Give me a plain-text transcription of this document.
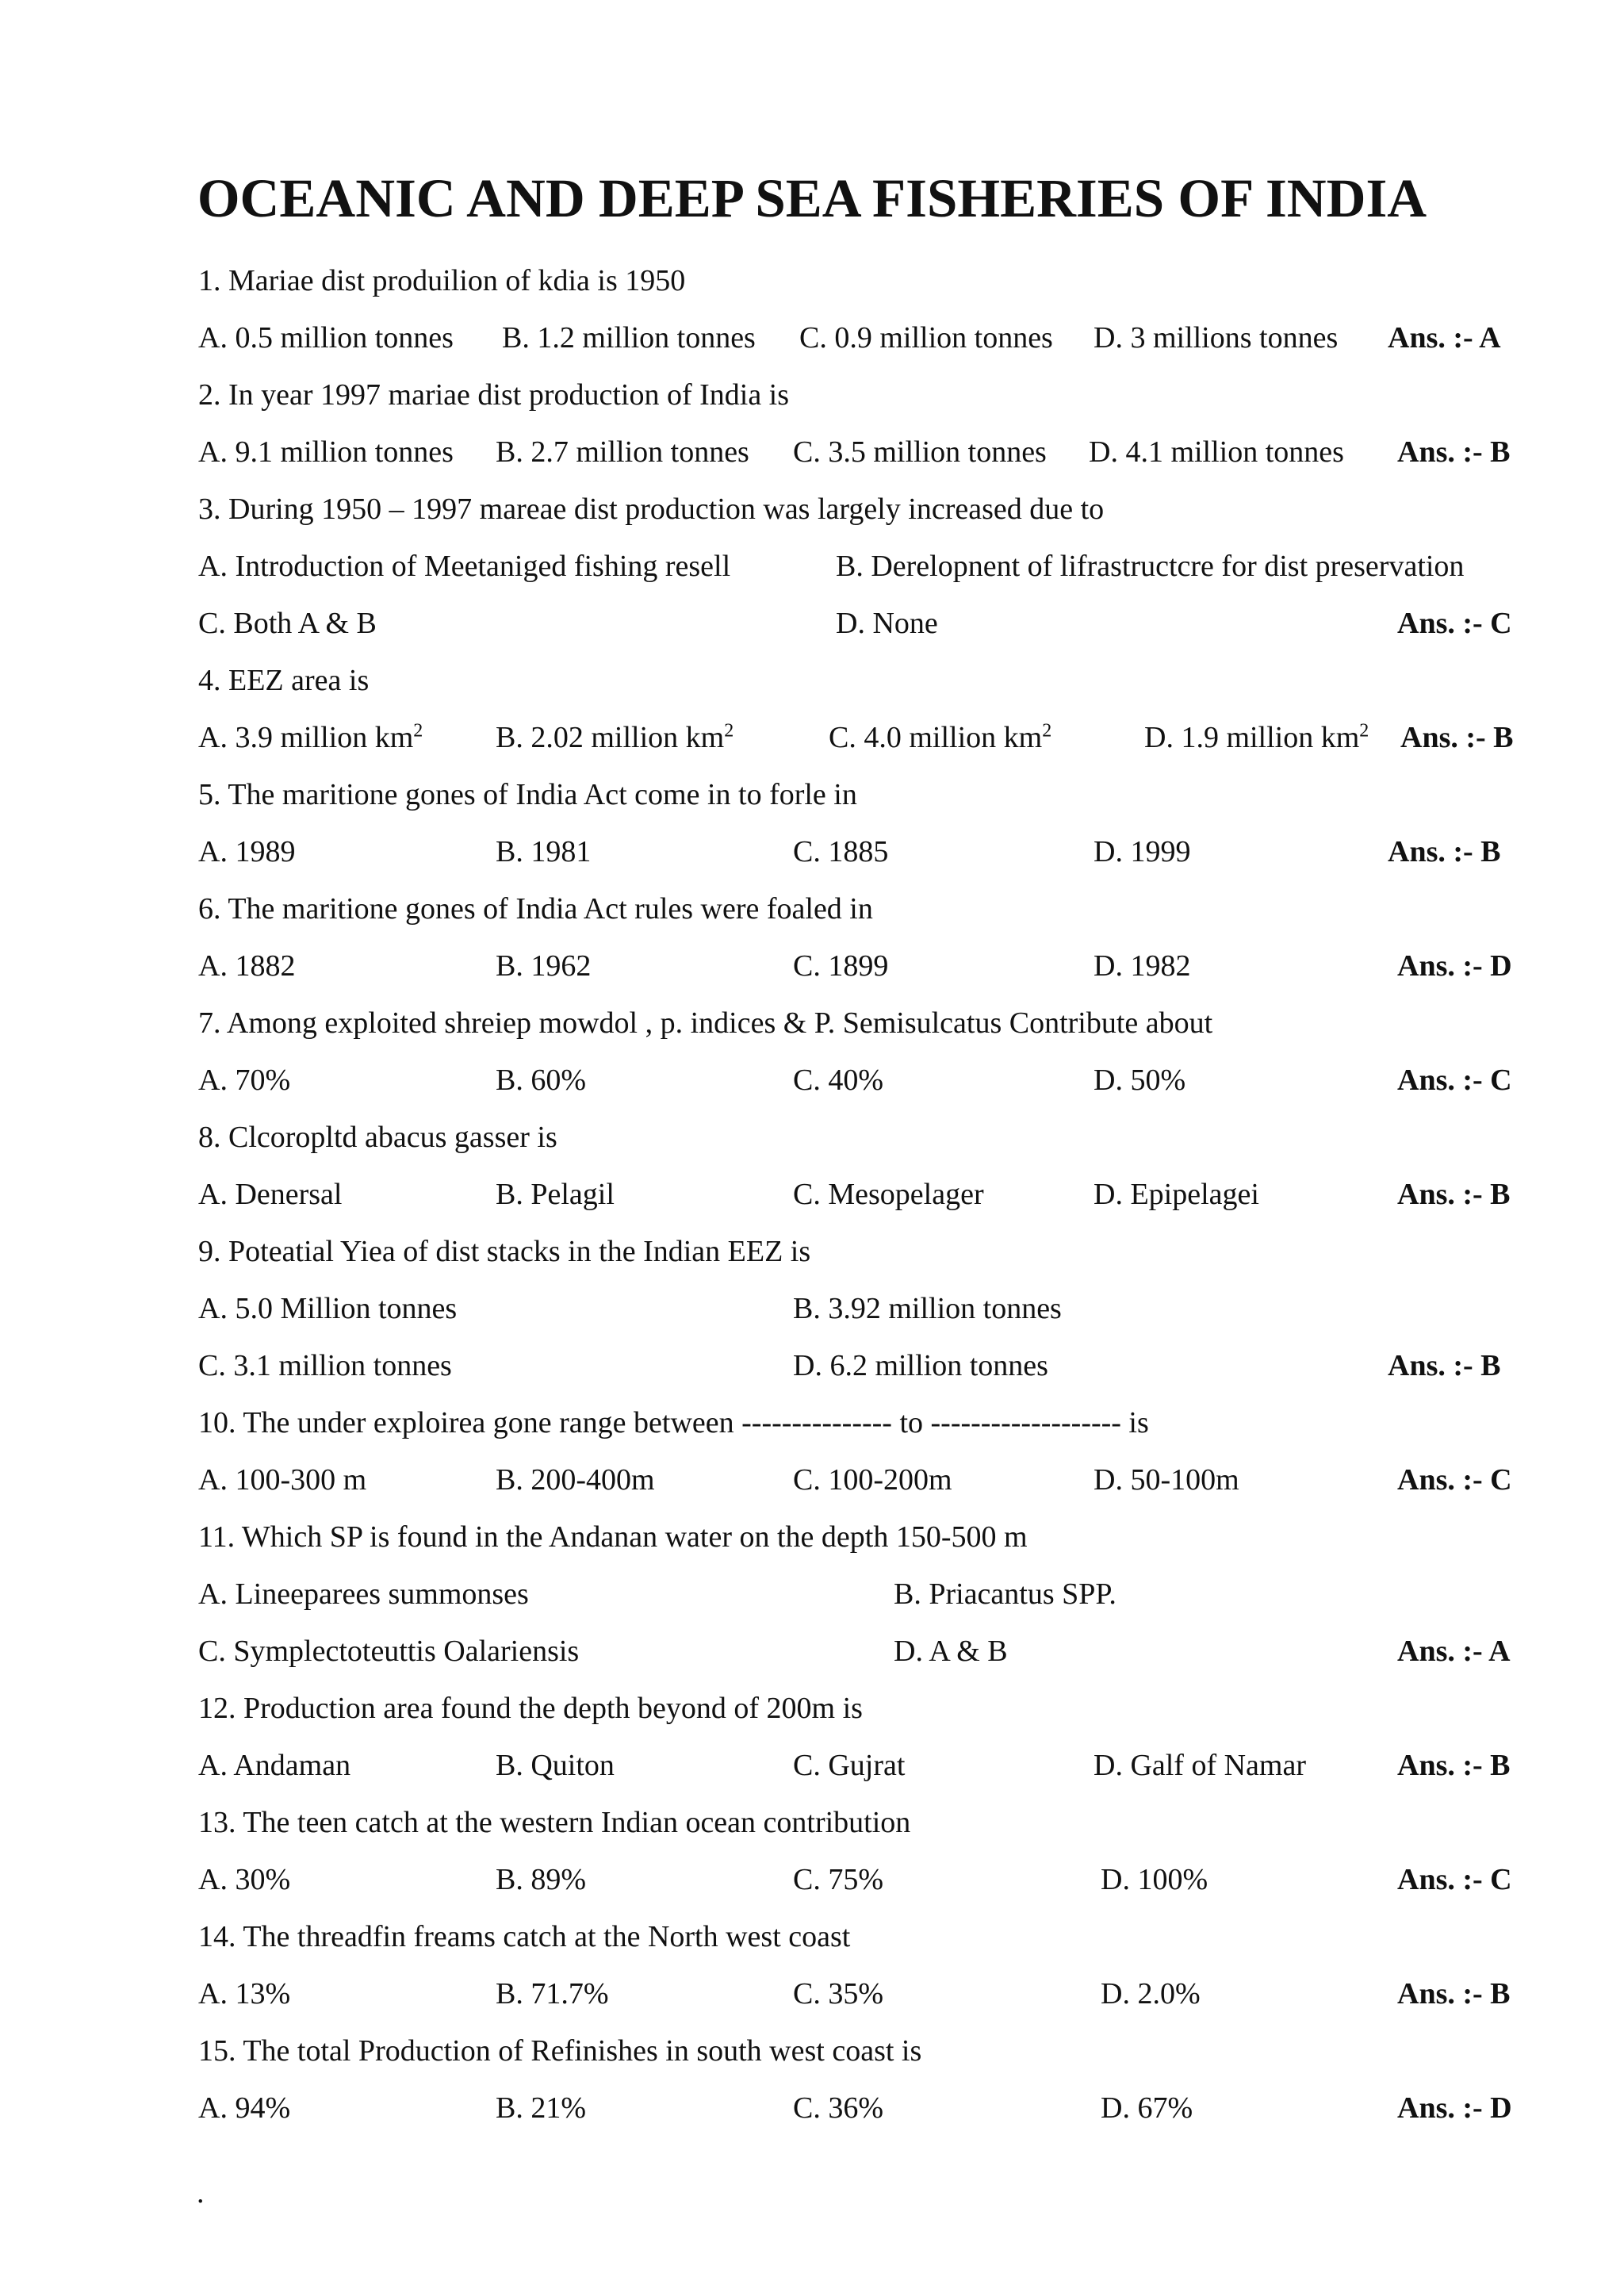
OCEANIC AND DEEP SEA FISHERIES OF INDIA
1. Mariae dist produilion of kdia is 1950
A. 0.5 million tonnes B. 1.2 million tonnes C. 0.9 million tonnes D. 3 millions tonnes Ans. :- A
2. In year 1997 mariae dist production of India is
A. 9.1 million tonnes B. 2.7 million tonnes C. 3.5 million tonnes D. 4.1 million tonnes Ans. :- B
3. During 1950 – 1997 mareae dist production was largely increased due to
A. Introduction of Meetaniged fishing resell	B. Derelopnent of lifrastructcre for dist preservation
C. Both A & B	D. None	Ans. :- C
4. EEZ area is
A. 3.9 million $km^2$ B. 2.02 million $km^2$	C. 4.0 million $km^2$	D. 1.9 million $km^2$ Ans. :- B
5. The maritione gones of India Act come in to forle in
A. 1989	B. 1981	C. 1885	D. 1999	Ans. :- B
6. The maritione gones of India Act rules were foaled in
A. 1882	B. 1962	C. 1899	D. 1982	Ans. :- D
7. Among exploited shreiep mowdol , p. indices & P. Semisulcatus Contribute about
A. 70%	B. 60%	C. 40%	D. 50%	Ans. :- C
8. Clcoropltd abacus gasser is
A. Denersal	B. Pelagil	C. Mesopelager	D. Epipelagei	Ans. :- B
9. Poteatial Yiea of dist stacks in the Indian EEZ is
A. 5.0 Million tonnes	B. 3.92 million tonnes
C. 3.1 million tonnes	D. 6.2 million tonnes	Ans. :- B
10. The under exploirea gone range between --------------- to ------------------- is
A. 100-300 m	B. 200-400m	C. 100-200m	D. 50-100m	Ans. :- C
11. Which SP is found in the Andanan water on the depth 150-500 m
A. Lineeparees summonses	B. Priacantus SPP.
C. Symplectoteuttis Oalariensis	D. A & B	Ans. :- A
12. Production area found the depth beyond of 200m is
A. Andaman	B. Quiton	C. Gujrat	D. Galf of Namar	Ans. :- B
13. The teen catch at the western Indian ocean contribution
A. 30%	B. 89%	C. 75%	D. 100%	Ans. :- C
14. The threadfin freams catch at the North west coast
A. 13%	B. 71.7%	C. 35%	D. 2.0%	Ans. :- B
15. The total Production of Refinishes in south west coast is
A. 94%	B. 21%	C. 36%	D. 67%	Ans. :- D
.
